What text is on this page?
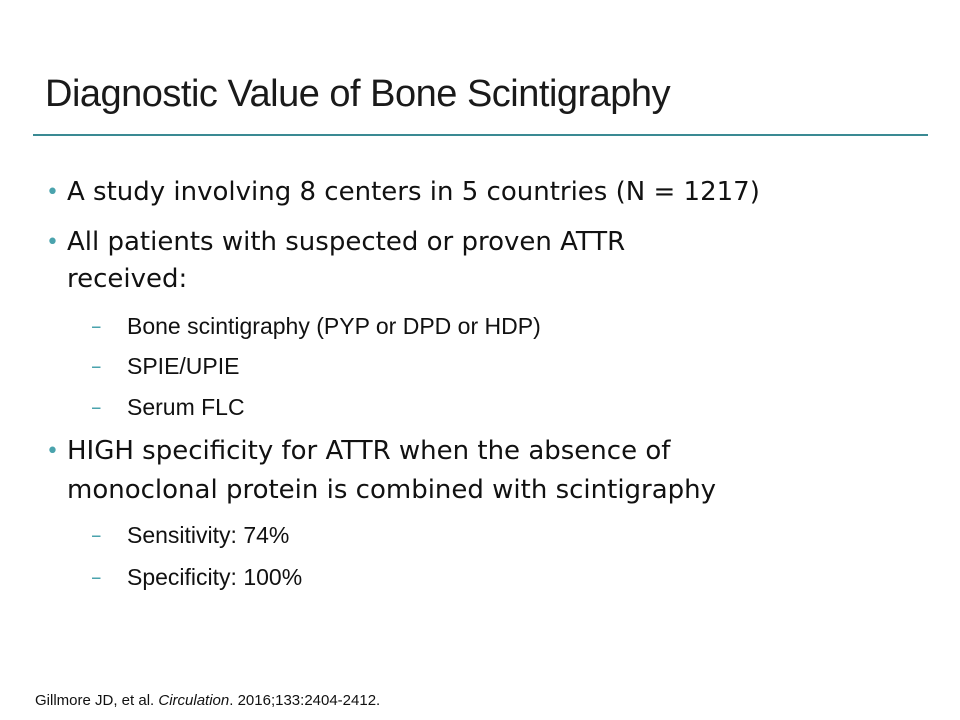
Diagnostic Value of Bone Scintigraphy
• A study involving 8 centers in 5 countries (N = 1217)
• All patients with suspected or proven ATTR
received:
– Bone scintigraphy (PYP or DPD or HDP)
– SPIE/UPIE
– Serum FLC
• HIGH specificity for ATTR when the absence of
monoclonal protein is combined with scintigraphy
– Sensitivity: 74%
– Specificity: 100%
Gillmore JD, et al. Circulation. 2016;133:2404-2412.
